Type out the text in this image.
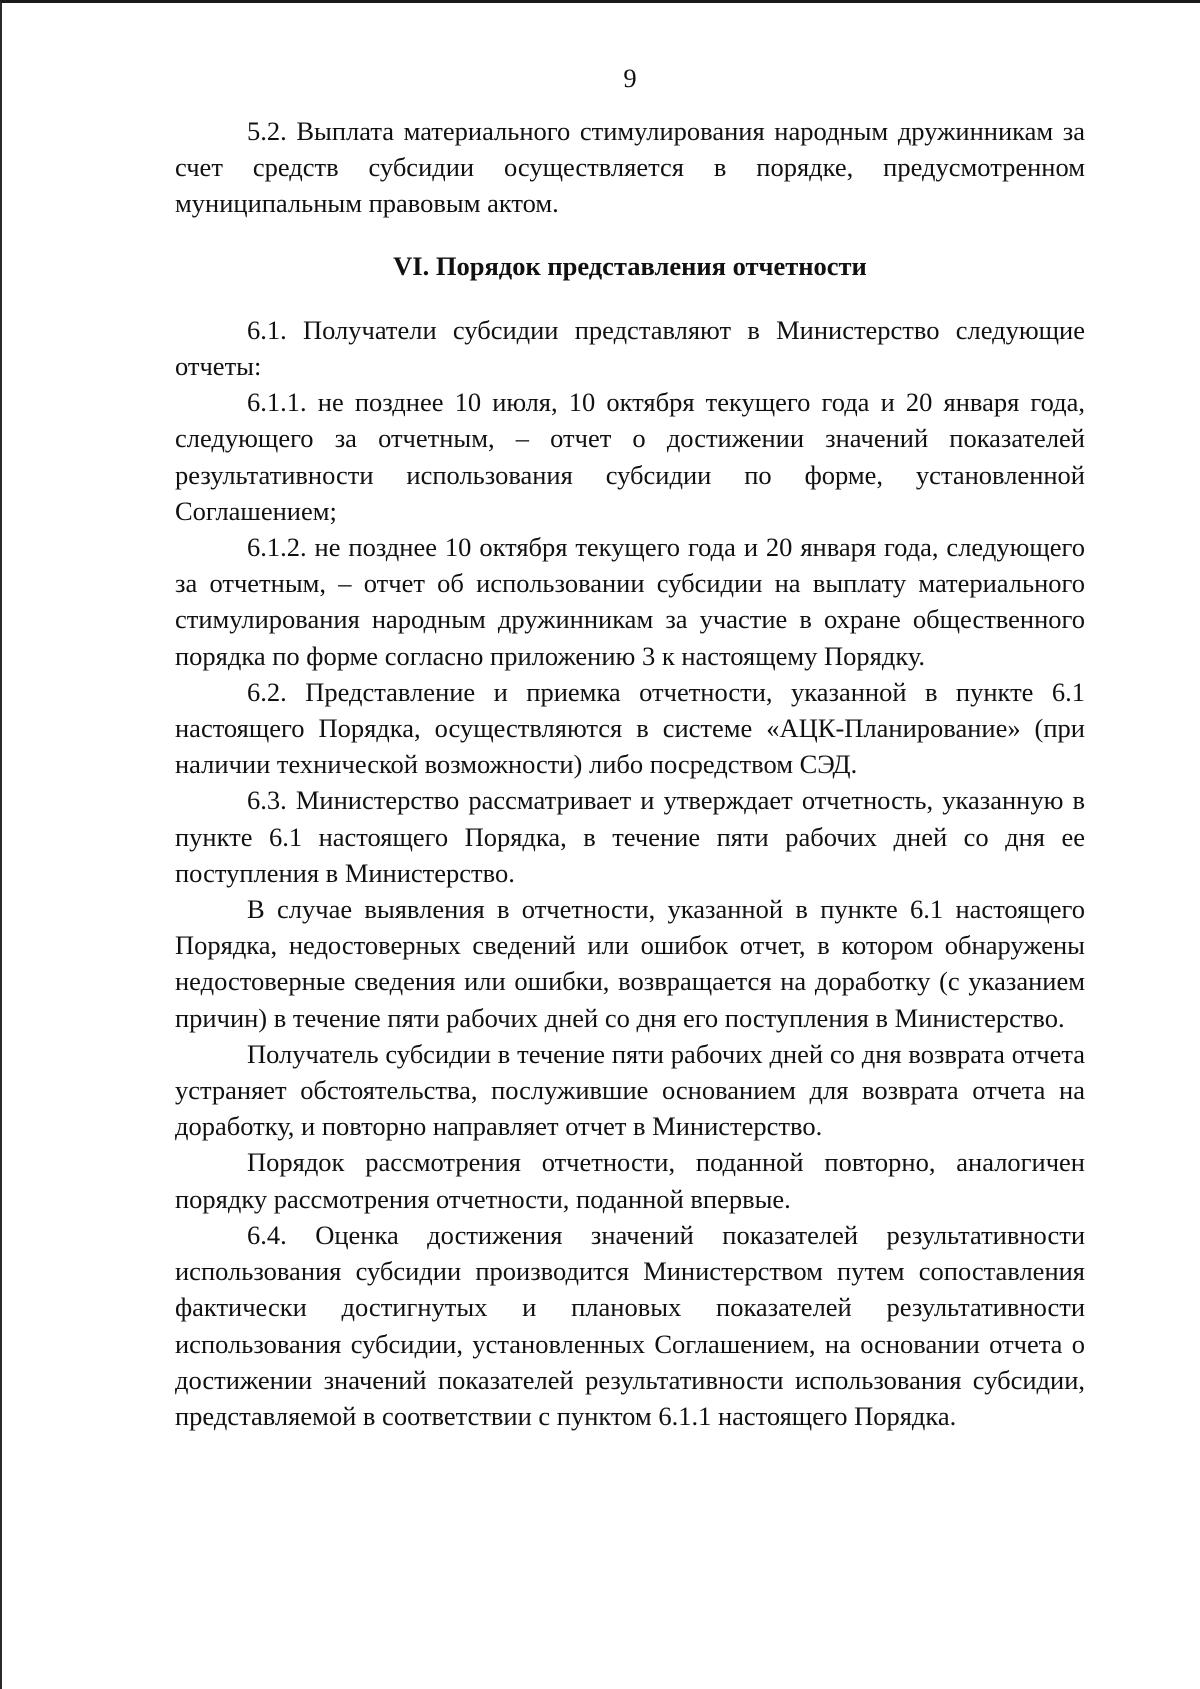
9

5.2. Выплата материального стимулирования народным дружинникам за счет средств субсидии осуществляется в порядке, предусмотренном муниципальным правовым актом.

VI. Порядок представления отчетности

6.1. Получатели субсидии представляют в Министерство следующие отчеты:

6.1.1. не позднее 10 июля, 10 октября текущего года и 20 января года, следующего за отчетным, – отчет о достижении значений показателей результативности использования субсидии по форме, установленной Соглашением;

6.1.2. не позднее 10 октября текущего года и 20 января года, следующего за отчетным, – отчет об использовании субсидии на выплату материального стимулирования народным дружинникам за участие в охране общественного порядка по форме согласно приложению 3 к настоящему Порядку.

6.2. Представление и приемка отчетности, указанной в пункте 6.1 настоящего Порядка, осуществляются в системе «АЦК-Планирование» (при наличии технической возможности) либо посредством СЭД.

6.3. Министерство рассматривает и утверждает отчетность, указанную в пункте 6.1 настоящего Порядка, в течение пяти рабочих дней со дня ее поступления в Министерство.

В случае выявления в отчетности, указанной в пункте 6.1 настоящего Порядка, недостоверных сведений или ошибок отчет, в котором обнаружены недостоверные сведения или ошибки, возвращается на доработку (с указанием причин) в течение пяти рабочих дней со дня его поступления в Министерство.

Получатель субсидии в течение пяти рабочих дней со дня возврата отчета устраняет обстоятельства, послужившие основанием для возврата отчета на доработку, и повторно направляет отчет в Министерство.

Порядок рассмотрения отчетности, поданной повторно, аналогичен порядку рассмотрения отчетности, поданной впервые.

6.4. Оценка достижения значений показателей результативности использования субсидии производится Министерством путем сопоставления фактически достигнутых и плановых показателей результативности использования субсидии, установленных Соглашением, на основании отчета о достижении значений показателей результативности использования субсидии, представляемой в соответствии с пунктом 6.1.1 настоящего Порядка.
